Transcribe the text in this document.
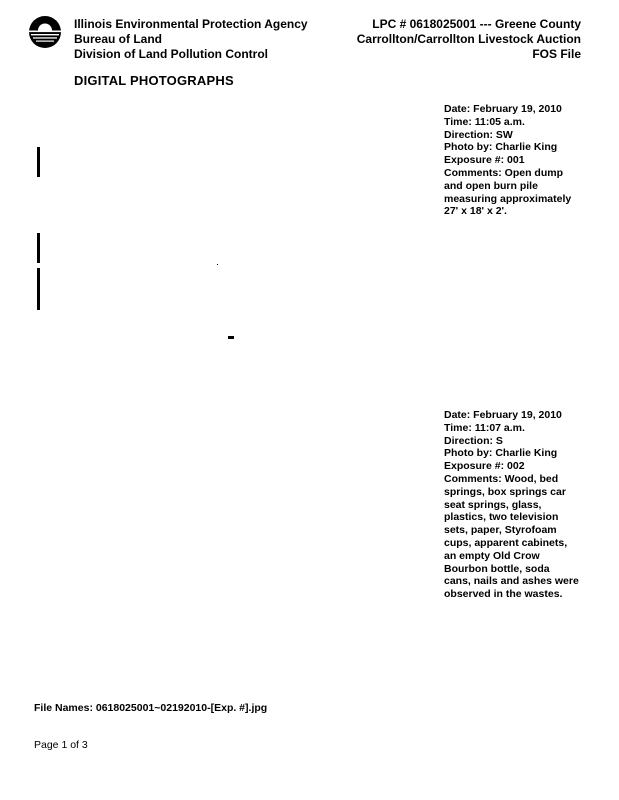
Illinois Environmental Protection Agency
Bureau of Land
Division of Land Pollution Control
LPC # 0618025001 --- Greene County
Carrollton/Carrollton Livestock Auction
FOS File
DIGITAL PHOTOGRAPHS
Date: February 19, 2010
Time: 11:05 a.m.
Direction: SW
Photo by: Charlie King
Exposure #: 001
Comments: Open dump and open burn pile measuring approximately 27' x 18' x 2'.
Date: February 19, 2010
Time: 11:07 a.m.
Direction: S
Photo by: Charlie King
Exposure #: 002
Comments: Wood, bed springs, box springs car seat springs, glass, plastics, two television sets, paper, Styrofoam cups, apparent cabinets, an empty Old Crow Bourbon bottle, soda cans, nails and ashes were observed in the wastes.
File Names: 0618025001~02192010-[Exp. #].jpg
Page 1 of 3
